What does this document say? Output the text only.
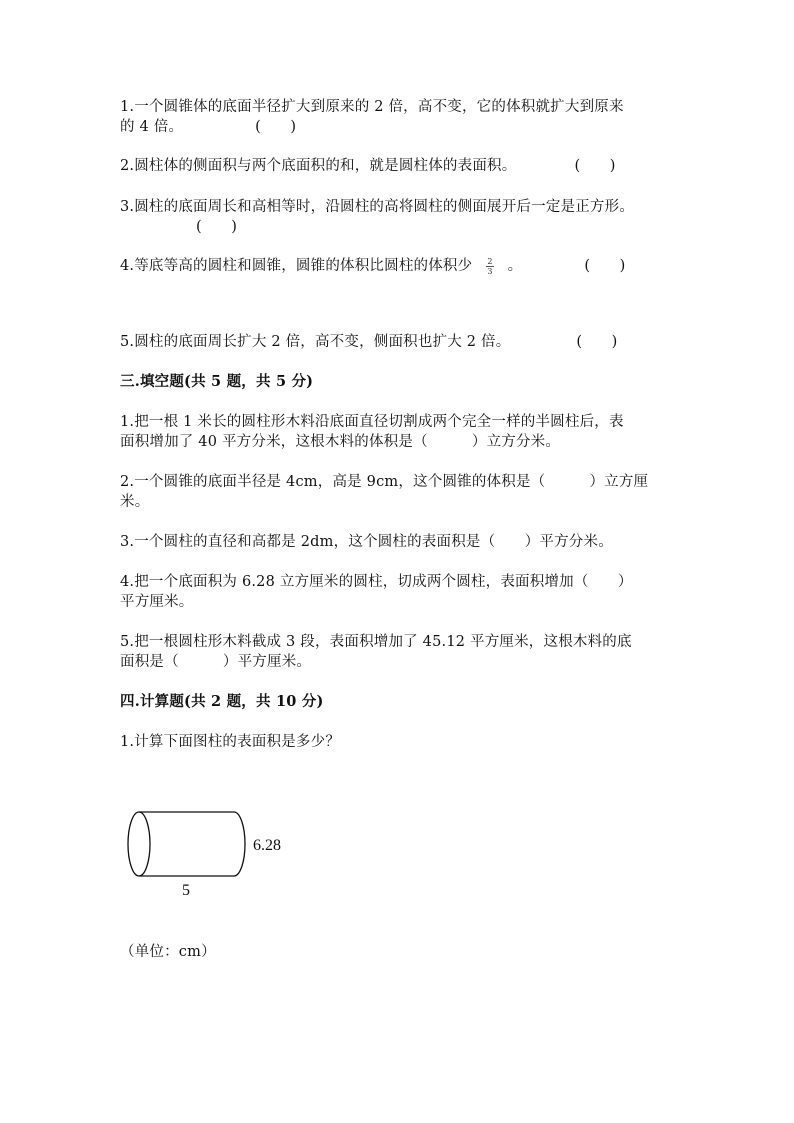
1.一个圆锥体的底面半径扩大到原来的 2 倍，高不变，它的体积就扩大到原来
的 4 倍。	(　　)
2.圆柱体的侧面积与两个底面积的和，就是圆柱体的表面积。	(　　)
3.圆柱的底面周长和高相等时，沿圆柱的高将圆柱的侧面展开后一定是正方形。
(　　)
4.等底等高的圆柱和圆锥，圆锥的体积比圆柱的体积少 $\frac{2}{3}$ 。	(　　)
5.圆柱的底面周长扩大 2 倍，高不变，侧面积也扩大 2 倍。	(　　)
三.填空题(共 5 题，共 5 分)
1.把一根 1 米长的圆柱形木料沿底面直径切割成两个完全一样的半圆柱后，表
面积增加了 40 平方分米，这根木料的体积是（　　　）立方分米。
2.一个圆锥的底面半径是 4cm，高是 9cm，这个圆锥的体积是（　　　）立方厘
米。
3.一个圆柱的直径和高都是 2dm，这个圆柱的表面积是（　　）平方分米。
4.把一个底面积为 6.28 立方厘米的圆柱，切成两个圆柱，表面积增加（　　）
平方厘米。
5.把一根圆柱形木料截成 3 段，表面积增加了 45.12 平方厘米，这根木料的底
面积是（　　　）平方厘米。
四.计算题(共 2 题，共 10 分)
1.计算下面图柱的表面积是多少？
6.28
5
（单位：cm）
